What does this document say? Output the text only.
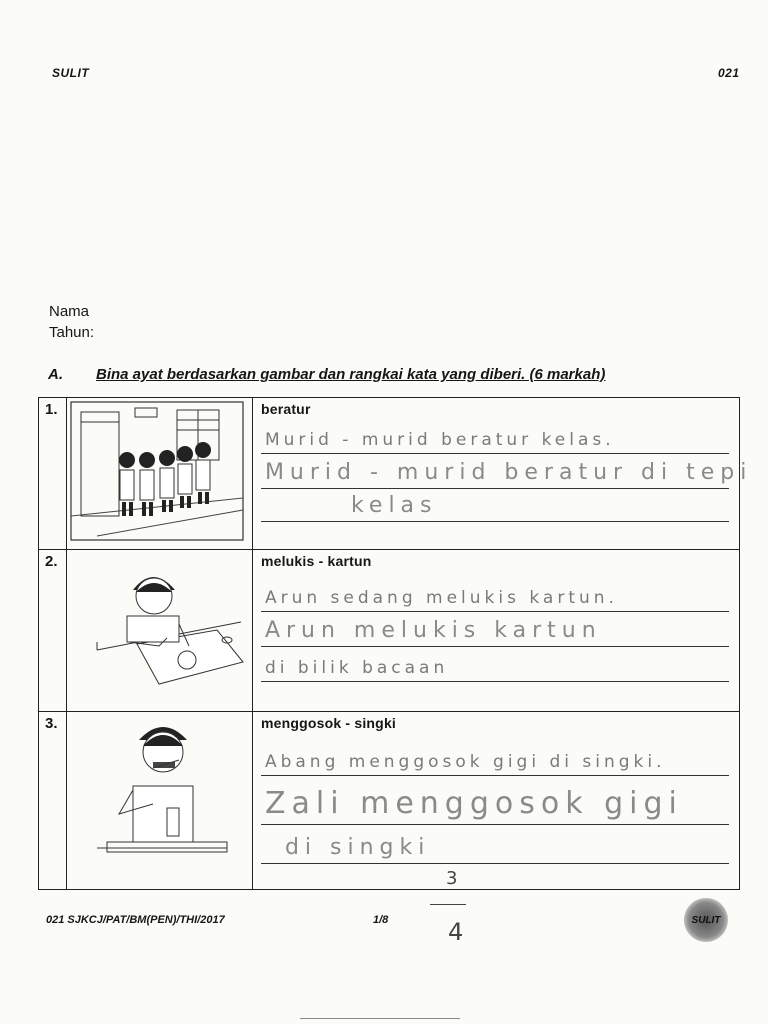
SULIT	021
Nama
Tahun:
A. Bina ayat berdasarkan gambar dan rangkai kata yang diberi. (6 markah)
1.		beratur
Murid - murid beratur kelas.
Murid - murid beratur di tepi
kelas

2.		melukis - kartun
Arun sedang melukis kartun.
Arun melukis kartun
di bilik bacaan

3.		menggosok - singki
Abang menggosok gigi di singki.
Zali menggosok gigi
di singki
021 SJKCJ/PAT/BM(PEN)/THI/2017	1/8
3
4	SULIT
